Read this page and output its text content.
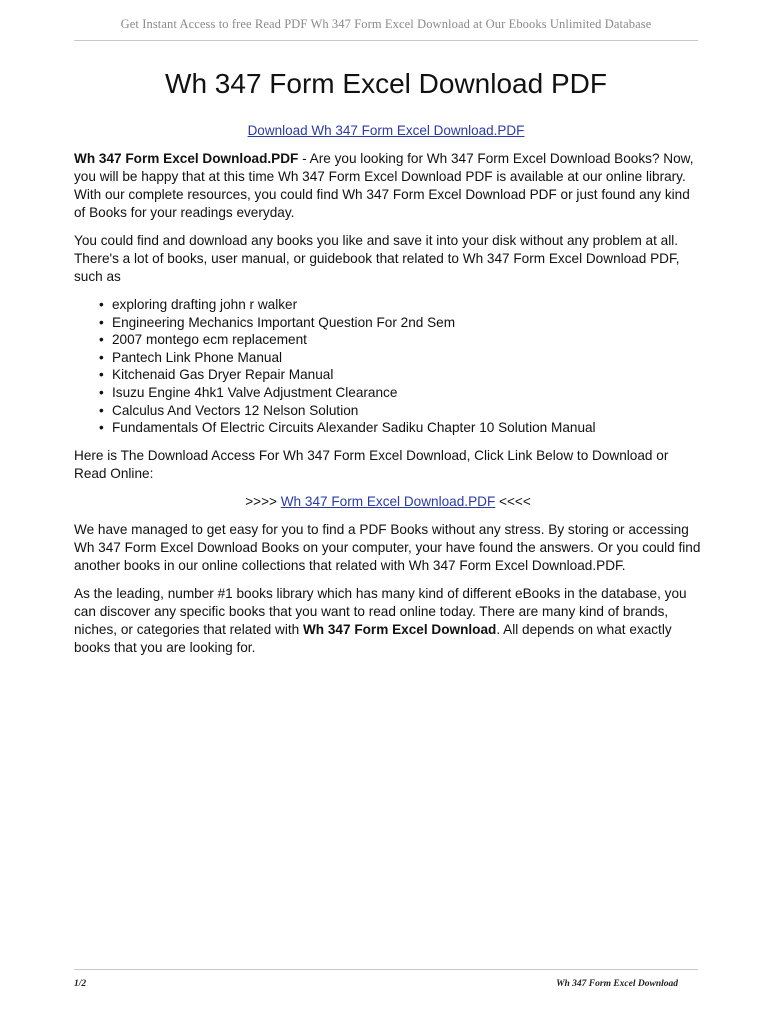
Get Instant Access to free Read PDF Wh 347 Form Excel Download at Our Ebooks Unlimited Database
Wh 347 Form Excel Download PDF
Download Wh 347 Form Excel Download.PDF

Wh 347 Form Excel Download.PDF - Are you looking for Wh 347 Form Excel Download Books? Now, you will be happy that at this time Wh 347 Form Excel Download PDF is available at our online library. With our complete resources, you could find Wh 347 Form Excel Download PDF or just found any kind of Books for your readings everyday.

You could find and download any books you like and save it into your disk without any problem at all. There's a lot of books, user manual, or guidebook that related to Wh 347 Form Excel Download PDF, such as

• exploring drafting john r walker
• Engineering Mechanics Important Question For 2nd Sem
• 2007 montego ecm replacement
• Pantech Link Phone Manual
• Kitchenaid Gas Dryer Repair Manual
• Isuzu Engine 4hk1 Valve Adjustment Clearance
• Calculus And Vectors 12 Nelson Solution
• Fundamentals Of Electric Circuits Alexander Sadiku Chapter 10 Solution Manual

Here is The Download Access For Wh 347 Form Excel Download, Click Link Below to Download or Read Online:

>>>> Wh 347 Form Excel Download.PDF <<<<

We have managed to get easy for you to find a PDF Books without any stress. By storing or accessing Wh 347 Form Excel Download Books on your computer, your have found the answers. Or you could find another books in our online collections that related with Wh 347 Form Excel Download.PDF.

As the leading, number #1 books library which has many kind of different eBooks in the database, you can discover any specific books that you want to read online today. There are many kind of brands, niches, or categories that related with Wh 347 Form Excel Download. All depends on what exactly books that you are looking for.

1/2	Wh 347 Form Excel Download
